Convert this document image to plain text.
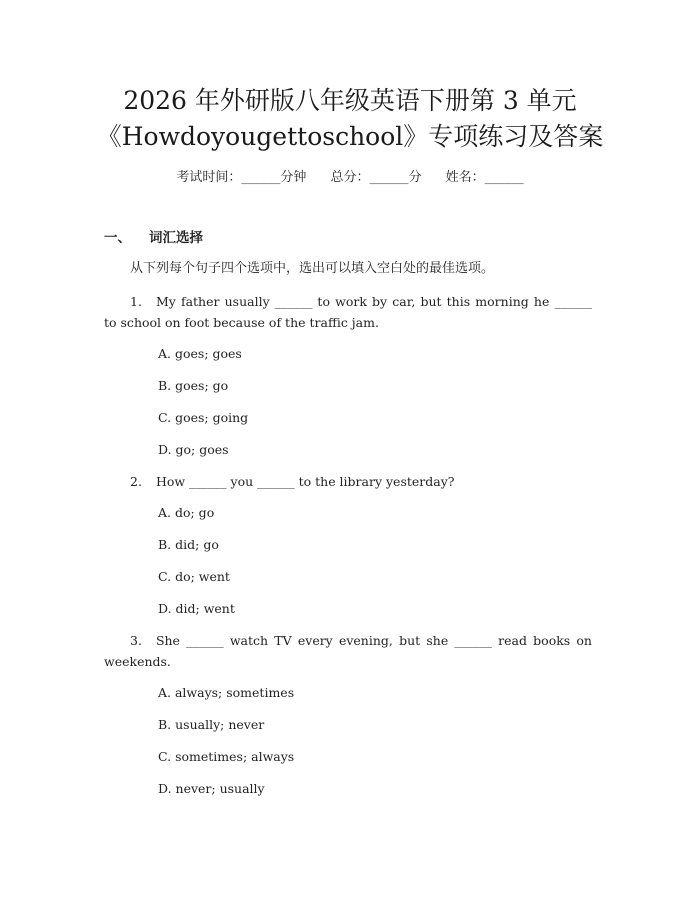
2026 年外研版八年级英语下册第 3 单元
《Howdoyougettoschool》专项练习及答案
考试时间：______分钟 总分：______分 姓名：______
一、 词汇选择
从下列每个句子四个选项中，选出可以填入空白处的最佳选项。
1. My father usually ______ to work by car, but this morning he ______ to school on foot because of the traffic jam.
A. goes; goes
B. goes; go
C. goes; going
D. go; goes
2. How ______ you ______ to the library yesterday?
A. do; go
B. did; go
C. do; went
D. did; went
3. She ______ watch TV every evening, but she ______ read books on weekends.
A. always; sometimes
B. usually; never
C. sometimes; always
D. never; usually
